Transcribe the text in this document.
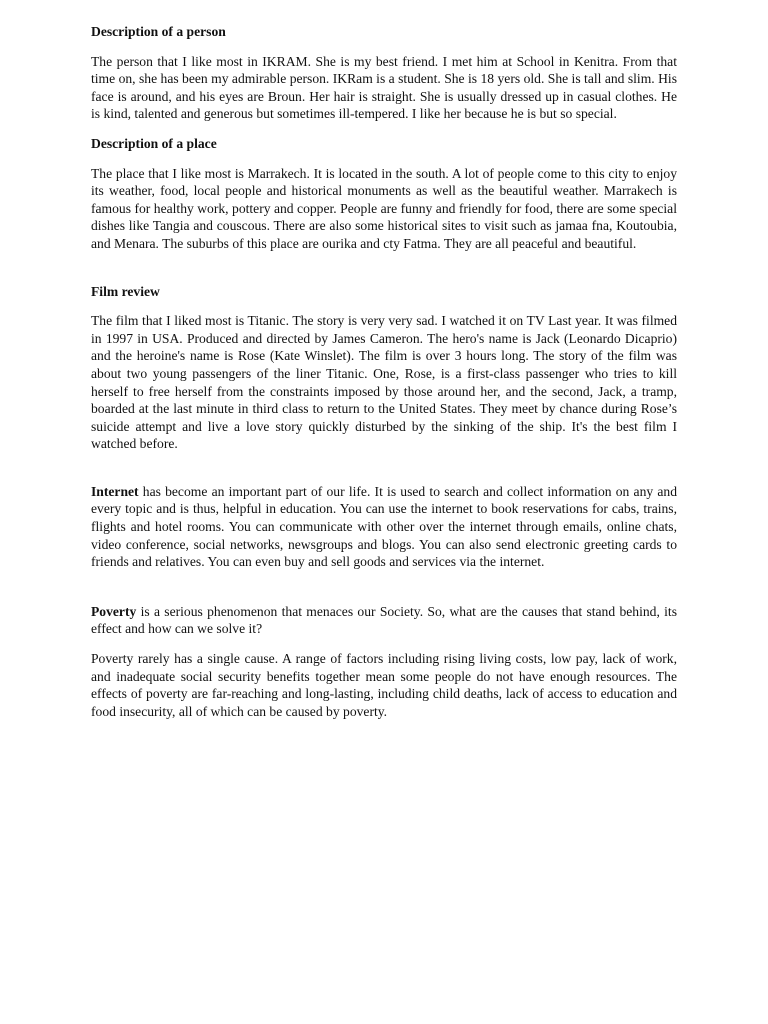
Description of a person

The person that I like most in IKRAM. She is my best friend. I met him at School in Kenitra. From that time on, she has been my admirable person. IKRam is a student. She is 18 yers old. She is tall and slim. His face is around, and his eyes are Broun. Her hair is straight. She is usually dressed up in casual clothes. He is kind, talented and generous but sometimes ill-tempered. I like her because he is but so special.

Description of a place

The place that I like most is Marrakech. It is located in the south. A lot of people come to this city to enjoy its weather, food, local people and historical monuments as well as the beautiful weather. Marrakech is famous for healthy work, pottery and copper. People are funny and friendly for food, there are some special dishes like Tangia and couscous. There are also some historical sites to visit such as jamaa fna, Koutoubia, and Menara. The suburbs of this place are ourika and cty Fatma. They are all peaceful and beautiful.

Film review

The film that I liked most is Titanic. The story is very very sad. I watched it on TV Last year. It was filmed in 1997 in USA. Produced and directed by James Cameron. The hero's name is Jack (Leonardo Dicaprio) and the heroine's name is Rose (Kate Winslet). The film is over 3 hours long. The story of the film was about two young passengers of the liner Titanic. One, Rose, is a first-class passenger who tries to kill herself to free herself from the constraints imposed by those around her, and the second, Jack, a tramp, boarded at the last minute in third class to return to the United States. They meet by chance during Rose’s suicide attempt and live a love story quickly disturbed by the sinking of the ship. It's the best film I watched before.

Internet has become an important part of our life. It is used to search and collect information on any and every topic and is thus, helpful in education. You can use the internet to book reservations for cabs, trains, flights and hotel rooms. You can communicate with other over the internet through emails, online chats, video conference, social networks, newsgroups and blogs. You can also send electronic greeting cards to friends and relatives. You can even buy and sell goods and services via the internet.

Poverty is a serious phenomenon that menaces our Society. So, what are the causes that stand behind, its effect and how can we solve it?

Poverty rarely has a single cause. A range of factors including rising living costs, low pay, lack of work, and inadequate social security benefits together mean some people do not have enough resources. The effects of poverty are far-reaching and long-lasting, including child deaths, lack of access to education and food insecurity, all of which can be caused by poverty.
